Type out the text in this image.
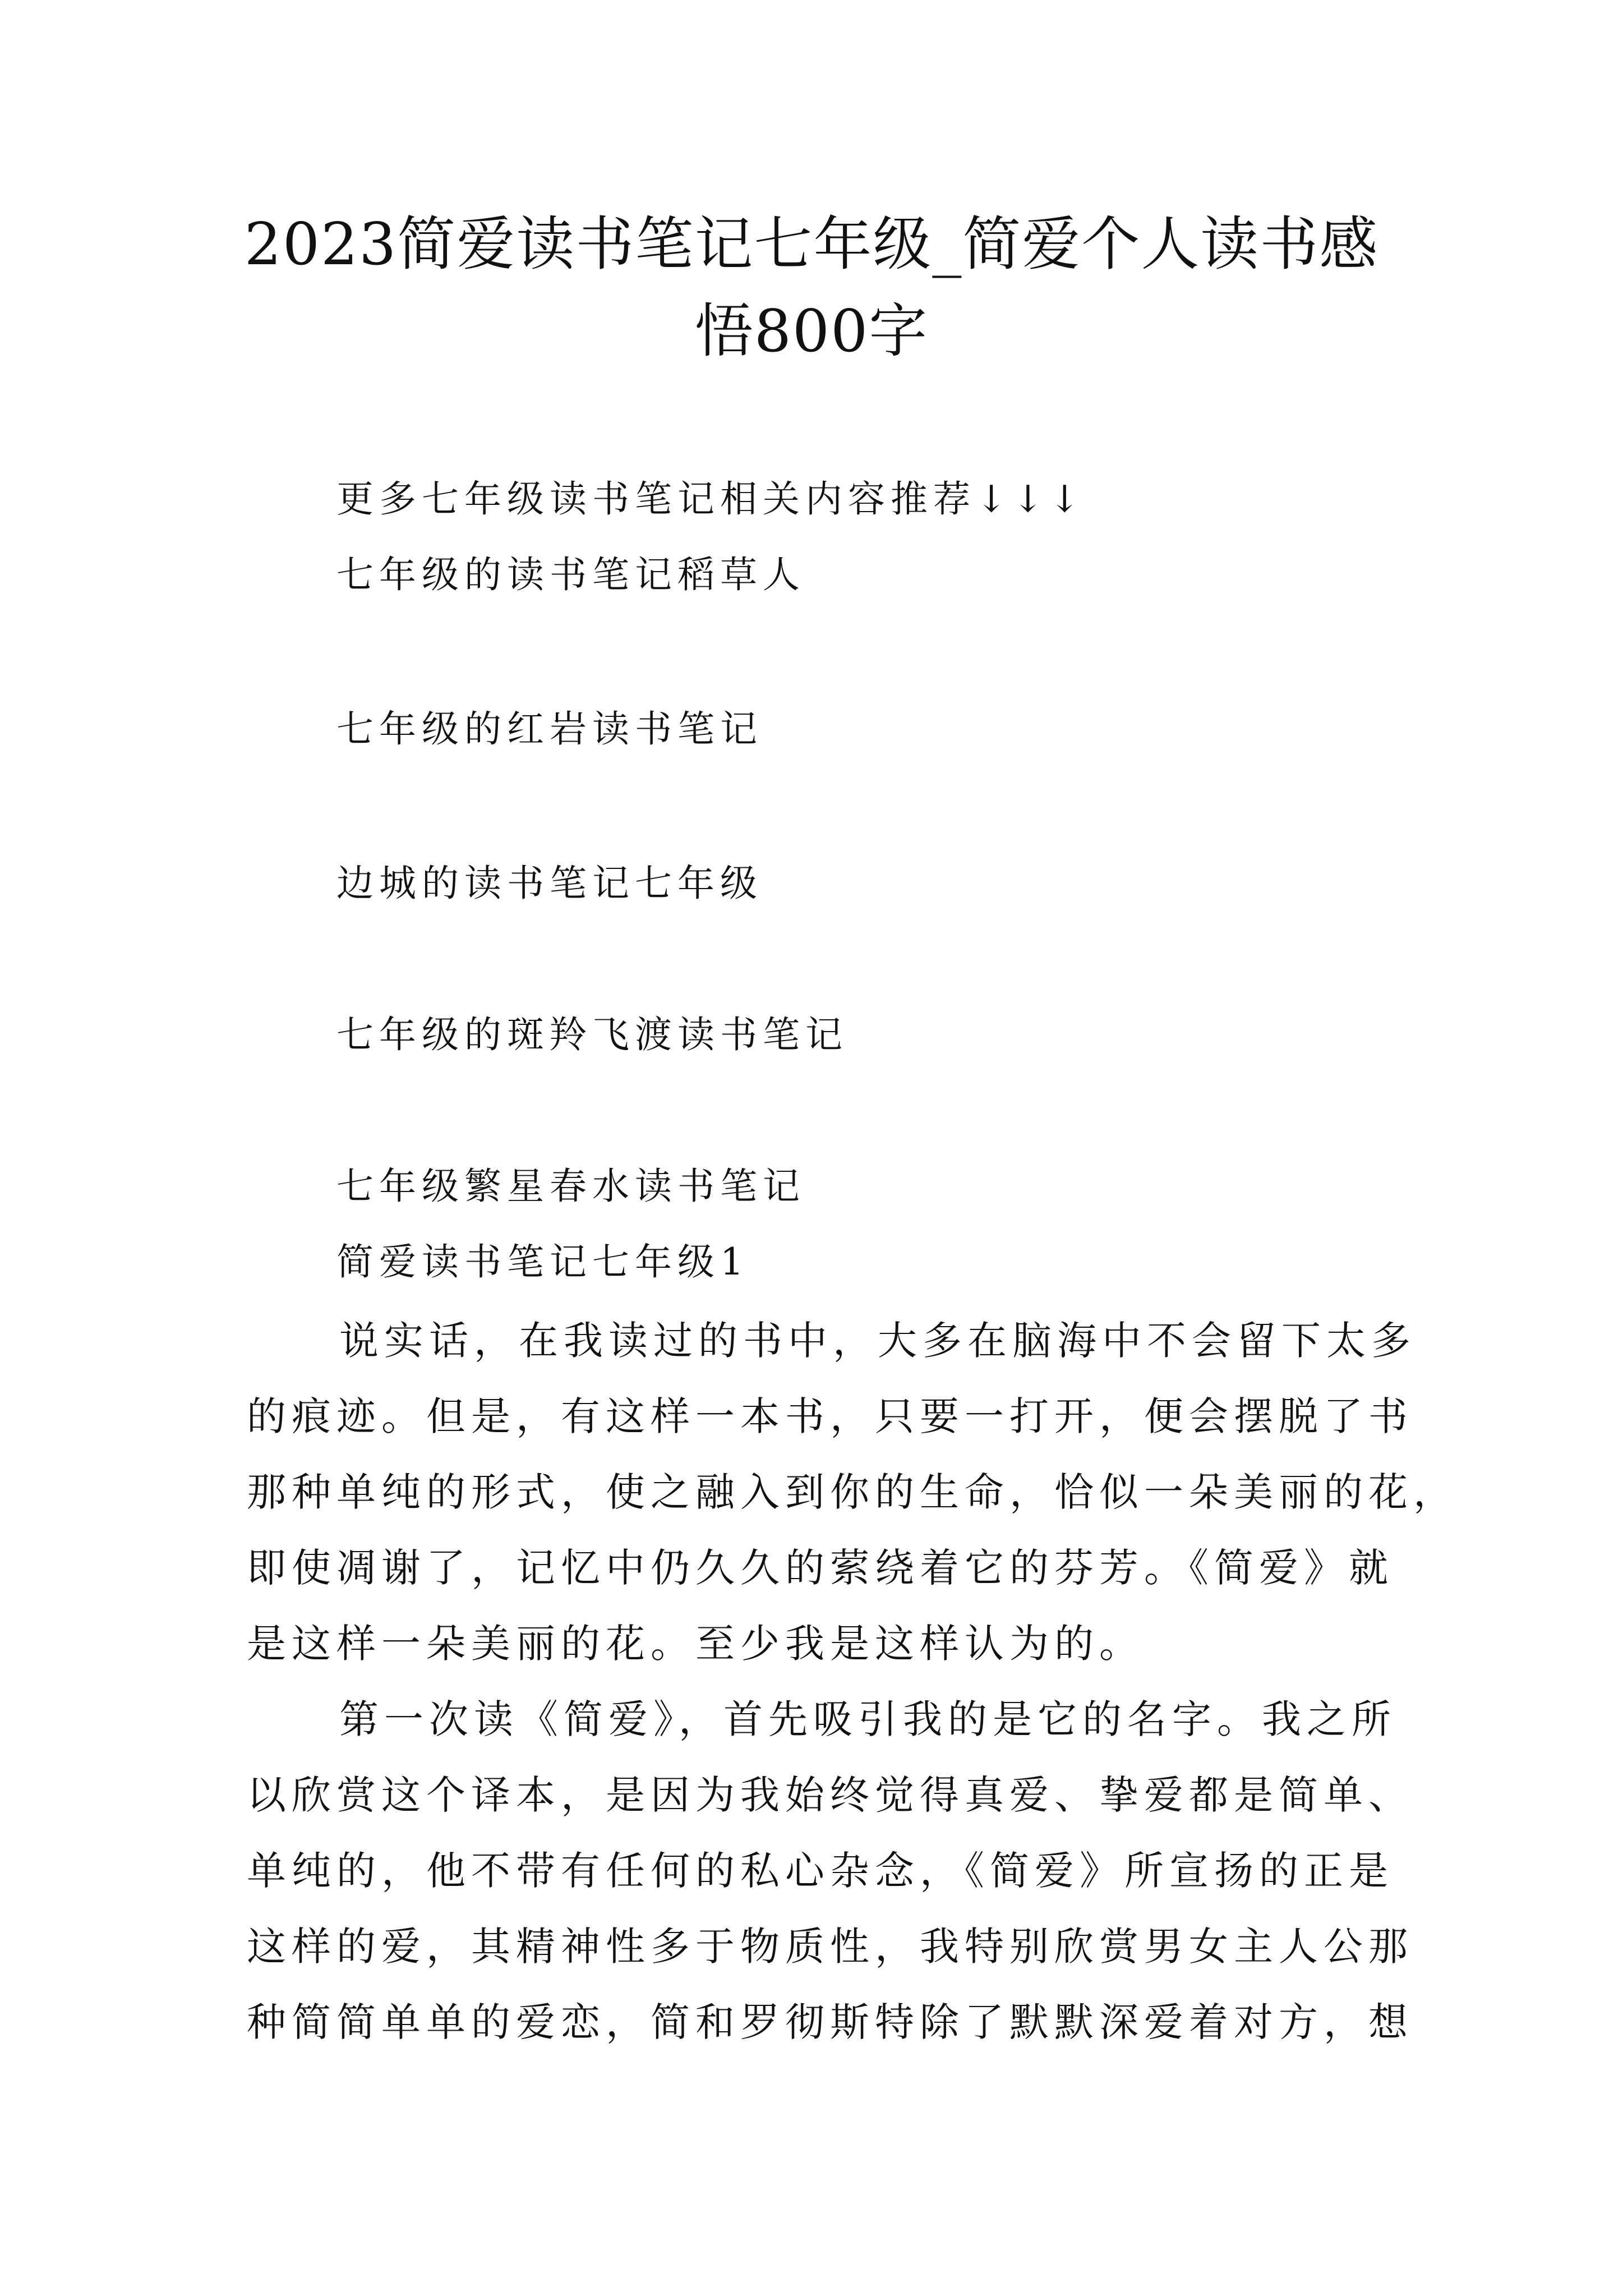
2023简爱读书笔记七年级_简爱个人读书感
悟800字
更多七年级读书笔记相关内容推荐↓↓↓
七年级的读书笔记稻草人
七年级的红岩读书笔记
边城的读书笔记七年级
七年级的斑羚飞渡读书笔记
七年级繁星春水读书笔记
简爱读书笔记七年级1
说实话，在我读过的书中，大多在脑海中不会留下太多
的痕迹。但是，有这样一本书，只要一打开，便会摆脱了书
那种单纯的形式，使之融入到你的生命，恰似一朵美丽的花，
即使凋谢了，记忆中仍久久的萦绕着它的芬芳。《简爱》就
是这样一朵美丽的花。至少我是这样认为的。
第一次读《简爱》，首先吸引我的是它的名字。我之所
以欣赏这个译本，是因为我始终觉得真爱、挚爱都是简单、
单纯的，他不带有任何的私心杂念，《简爱》所宣扬的正是
这样的爱，其精神性多于物质性，我特别欣赏男女主人公那
种简简单单的爱恋，简和罗彻斯特除了默默深爱着对方，想
